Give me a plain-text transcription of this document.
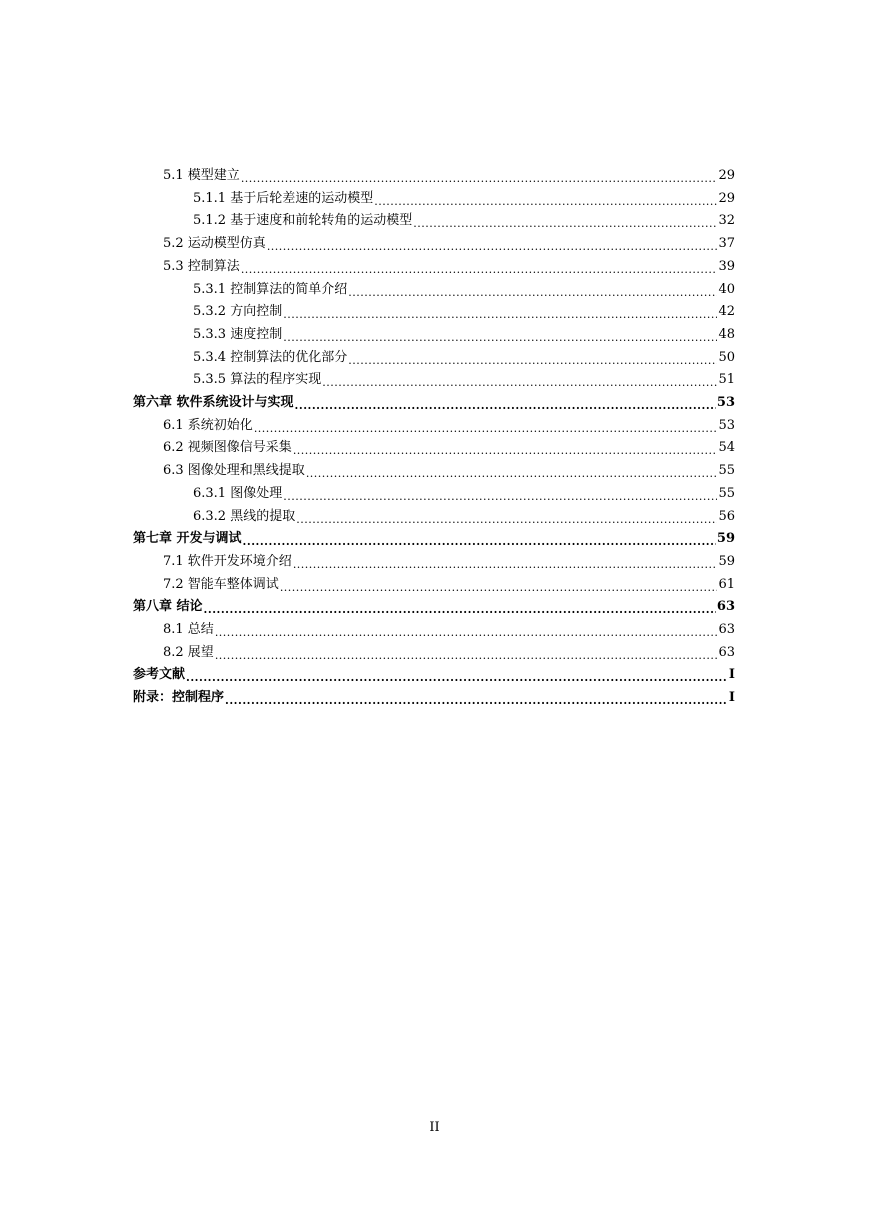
5.1 模型建立 .....	29
5.1.1 基于后轮差速的运动模型 .....	29
5.1.2 基于速度和前轮转角的运动模型 .....	32
5.2 运动模型仿真 .....	37
5.3 控制算法 .....	39
5.3.1 控制算法的简单介绍 .....	40
5.3.2 方向控制 .....	42
5.3.3 速度控制 .....	48
5.3.4 控制算法的优化部分 .....	50
5.3.5 算法的程序实现 .....	51
第六章 软件系统设计与实现 .....	53
6.1 系统初始化 .....	53
6.2 视频图像信号采集 .....	54
6.3 图像处理和黑线提取 .....	55
6.3.1 图像处理 .....	55
6.3.2 黑线的提取 .....	56
第七章 开发与调试 .....	59
7.1 软件开发环境介绍 .....	59
7.2 智能车整体调试 .....	61
第八章 结论 .....	63
8.1 总结 .....	63
8.2 展望 .....	63
参考文献 .....	I
附录：控制程序 .....	I
II
